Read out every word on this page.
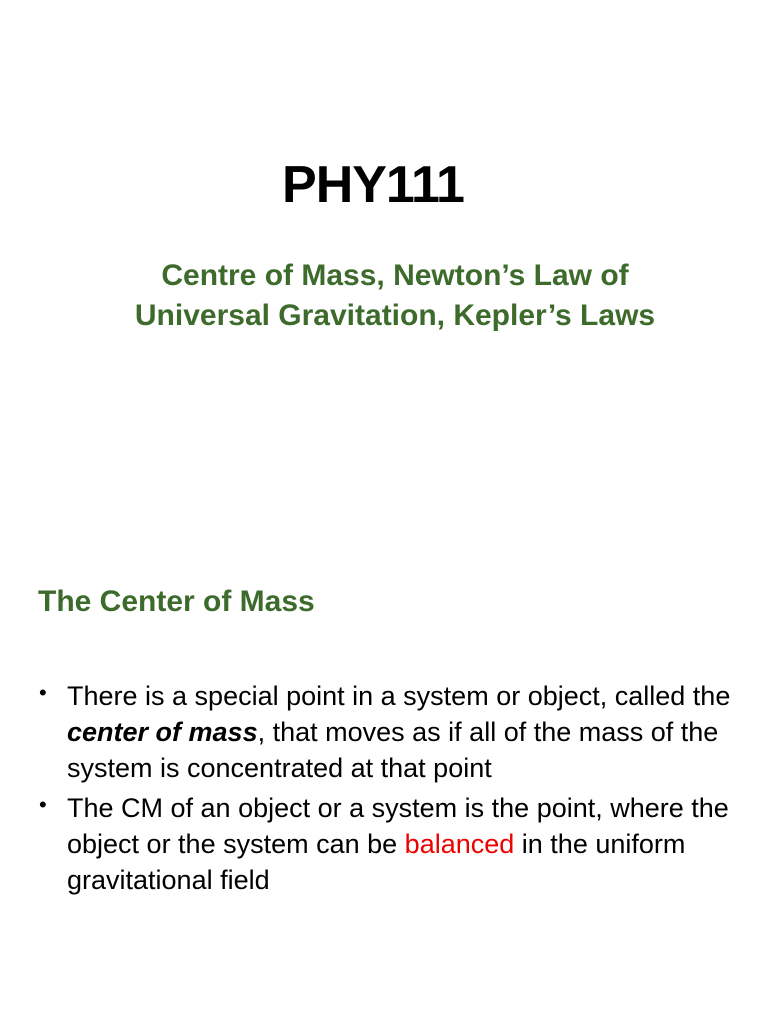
PHY111
Centre of Mass, Newton’s Law of
Universal Gravitation, Kepler’s Laws
The Center of Mass
• There is a special point in a system or object, called the center of mass, that moves as if all of the mass of the system is concentrated at that point
• The CM of an object or a system is the point, where the object or the system can be balanced in the uniform gravitational field
